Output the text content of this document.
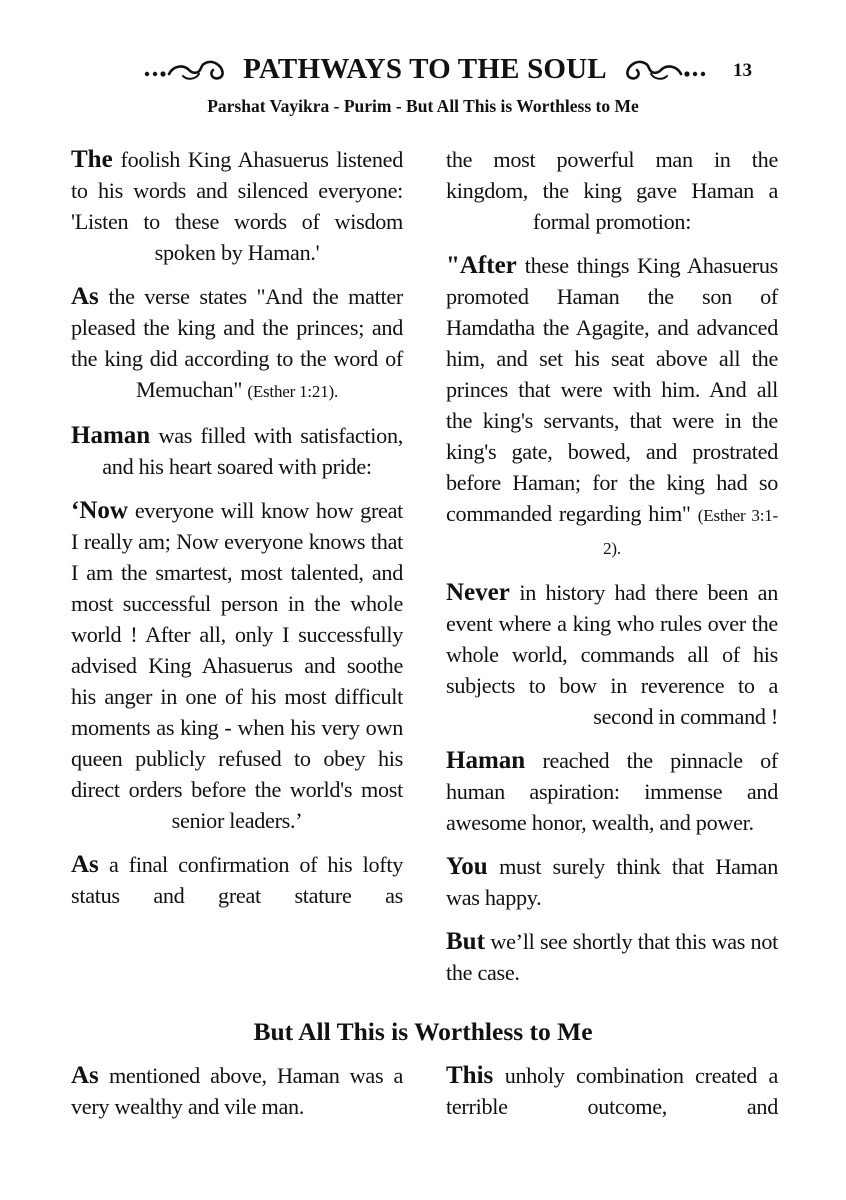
PATHWAYS TO THE SOUL	13
Parshat Vayikra - Purim - But All This is Worthless to Me

The foolish King Ahasuerus listened to his words and silenced everyone: 'Listen to these words of wisdom spoken by Haman.'

As the verse states "And the matter pleased the king and the princes; and the king did according to the word of Memuchan" (Esther 1:21).

Haman was filled with satisfaction, and his heart soared with pride:

‘Now everyone will know how great I really am; Now everyone knows that I am the smartest, most talented, and most successful person in the whole world ! After all, only I successfully advised King Ahasuerus and soothe his anger in one of his most difficult moments as king - when his very own queen publicly refused to obey his direct orders before the world's most senior leaders.’

As a final confirmation of his lofty status and great stature as

the most powerful man in the kingdom, the king gave Haman a formal promotion:

"After these things King Ahasuerus promoted Haman the son of Hamdatha the Agagite, and advanced him, and set his seat above all the princes that were with him. And all the king's servants, that were in the king's gate, bowed, and prostrated before Haman; for the king had so commanded regarding him" (Esther 3:1-2).

Never in history had there been an event where a king who rules over the whole world, commands all of his subjects to bow in reverence to a second in command !

Haman reached the pinnacle of human aspiration: immense and awesome honor, wealth, and power.

You must surely think that Haman was happy.

But we’ll see shortly that this was not the case.

But All This is Worthless to Me

As mentioned above, Haman was a very wealthy and vile man.

This unholy combination created a terrible outcome, and
